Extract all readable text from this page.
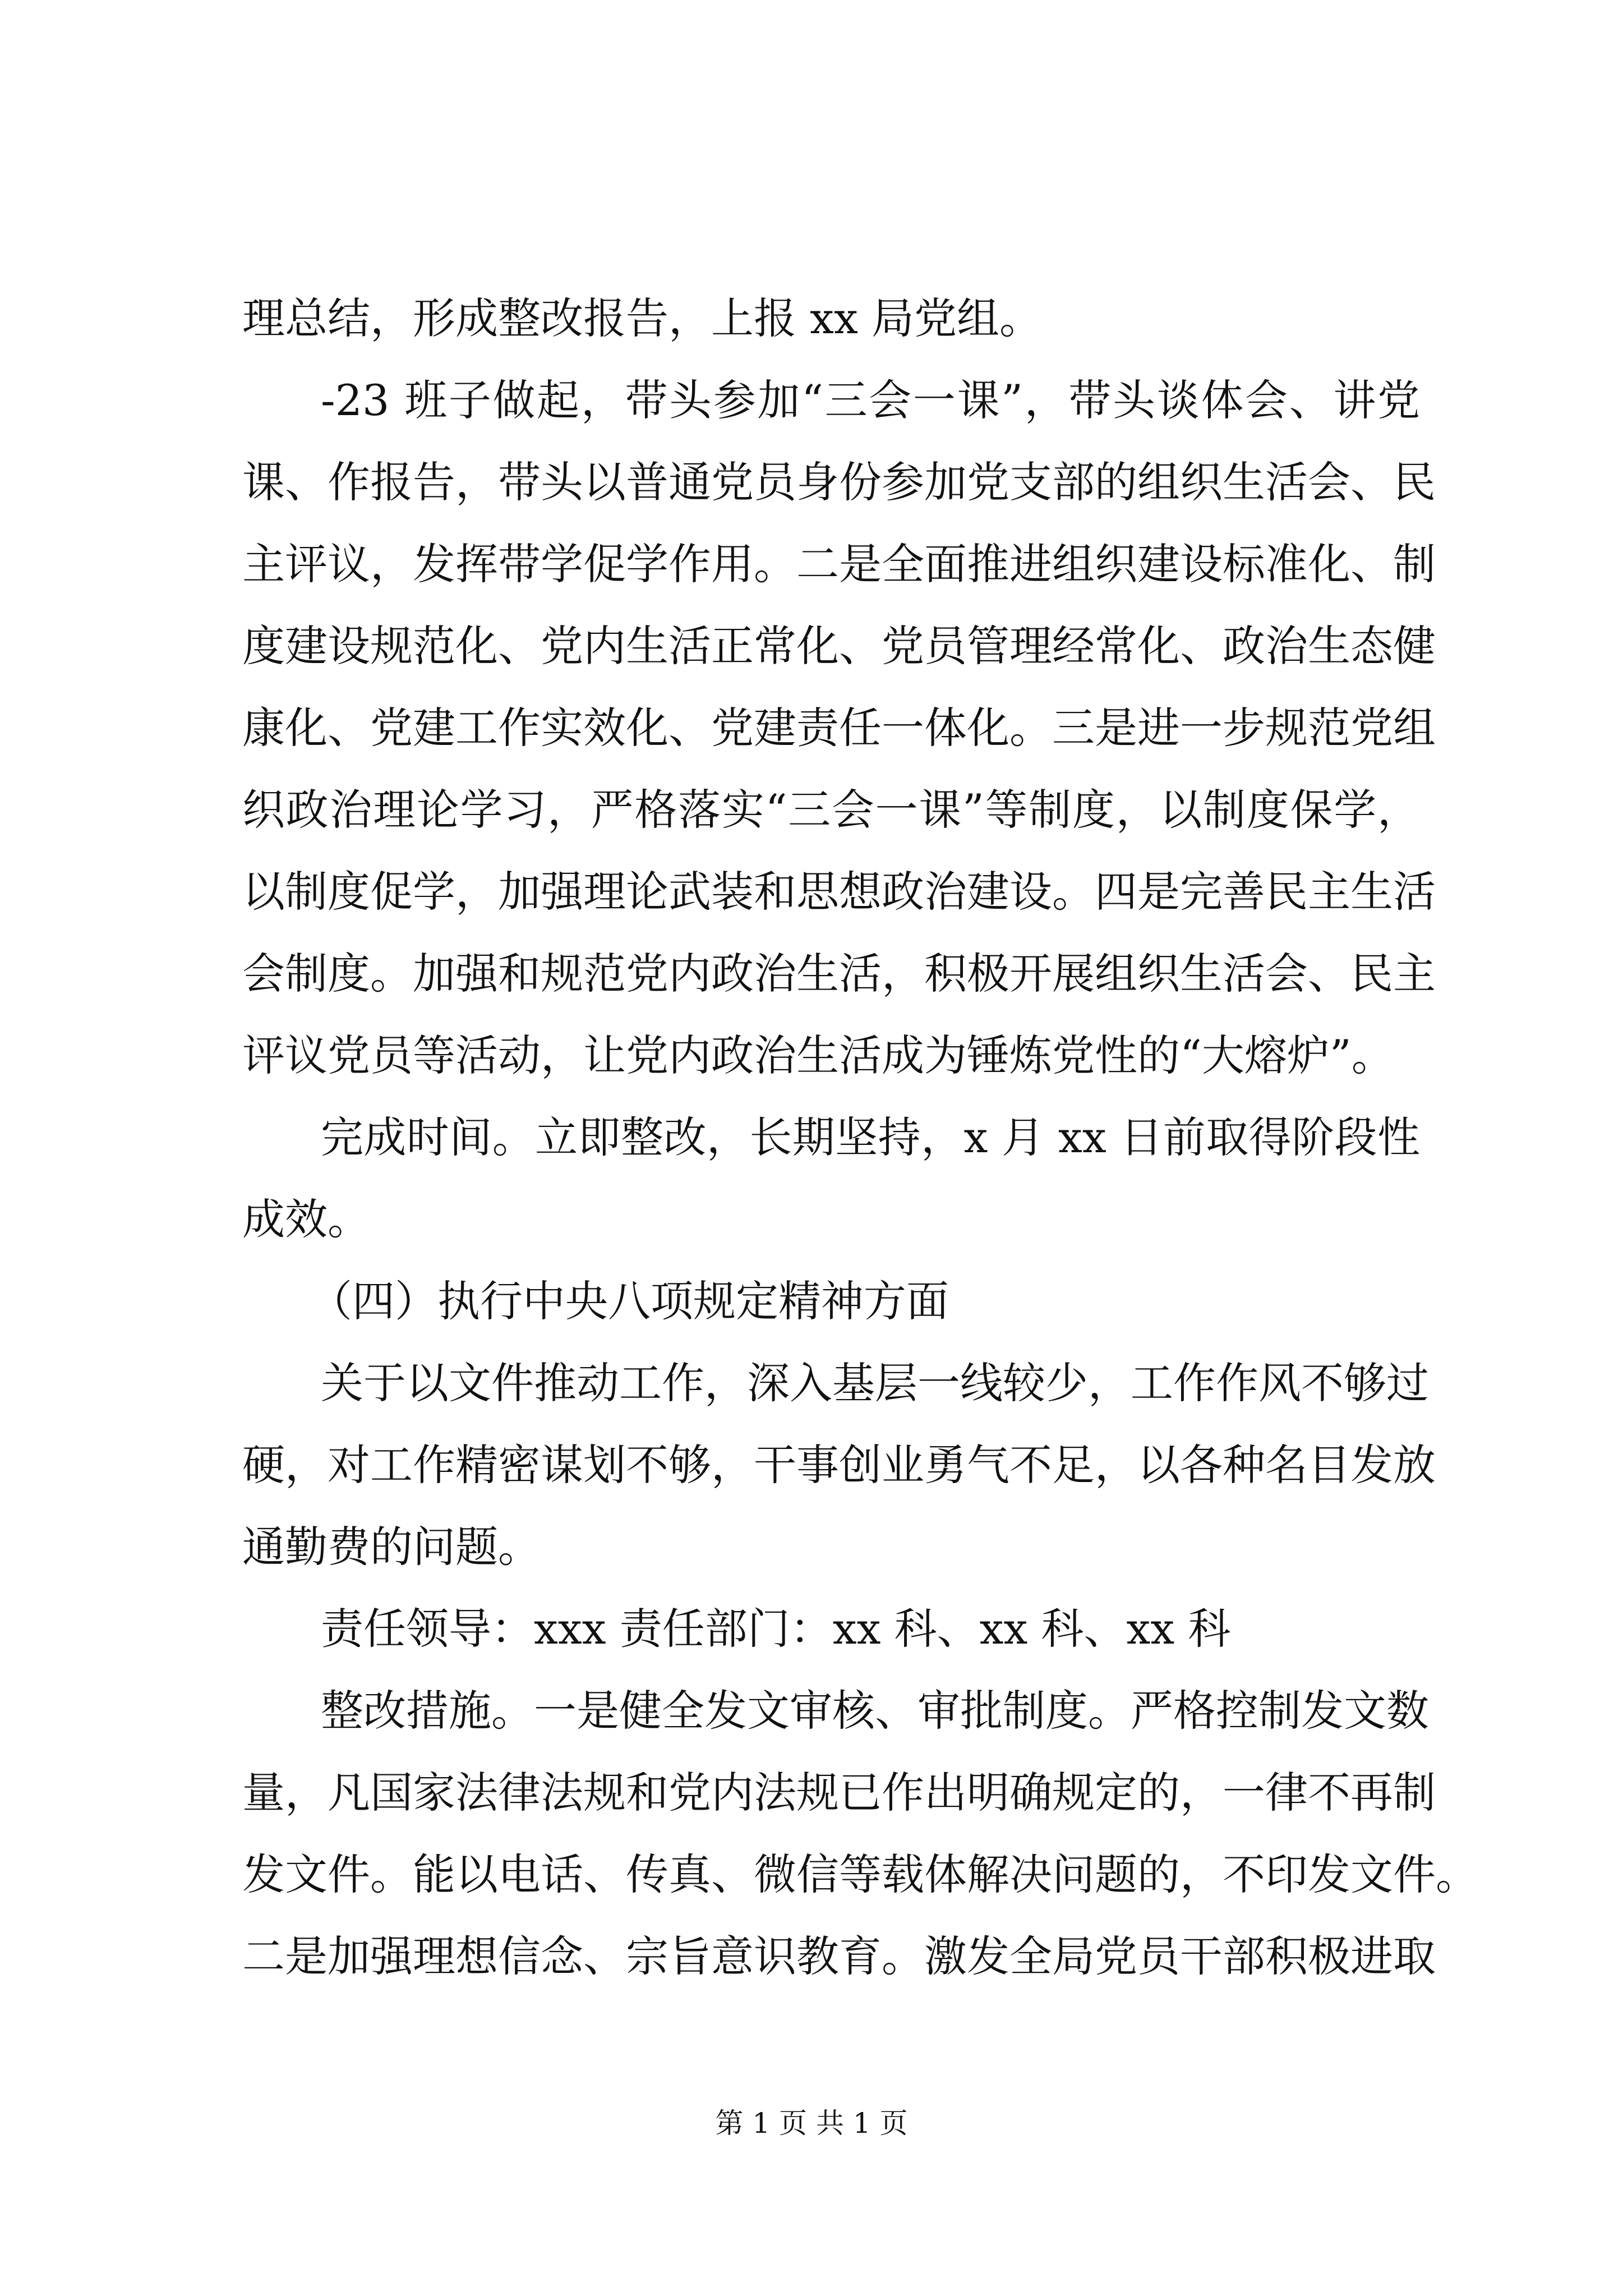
理总结，形成整改报告，上报 xx 局党组。
-23 班子做起，带头参加“三会一课”，带头谈体会、讲党
课、作报告，带头以普通党员身份参加党支部的组织生活会、民
主评议，发挥带学促学作用。二是全面推进组织建设标准化、制
度建设规范化、党内生活正常化、党员管理经常化、政治生态健
康化、党建工作实效化、党建责任一体化。三是进一步规范党组
织政治理论学习，严格落实“三会一课”等制度，以制度保学，
以制度促学，加强理论武装和思想政治建设。四是完善民主生活
会制度。加强和规范党内政治生活，积极开展组织生活会、民主
评议党员等活动，让党内政治生活成为锤炼党性的“大熔炉”。
完成时间。立即整改，长期坚持，x 月 xx 日前取得阶段性
成效。
（四）执行中央八项规定精神方面
关于以文件推动工作，深入基层一线较少，工作作风不够过
硬，对工作精密谋划不够，干事创业勇气不足，以各种名目发放
通勤费的问题。
责任领导：xxx 责任部门：xx 科、xx 科、xx 科
整改措施。一是健全发文审核、审批制度。严格控制发文数
量，凡国家法律法规和党内法规已作出明确规定的，一律不再制
发文件。能以电话、传真、微信等载体解决问题的，不印发文件。
二是加强理想信念、宗旨意识教育。激发全局党员干部积极进取
第 1 页 共 1 页
